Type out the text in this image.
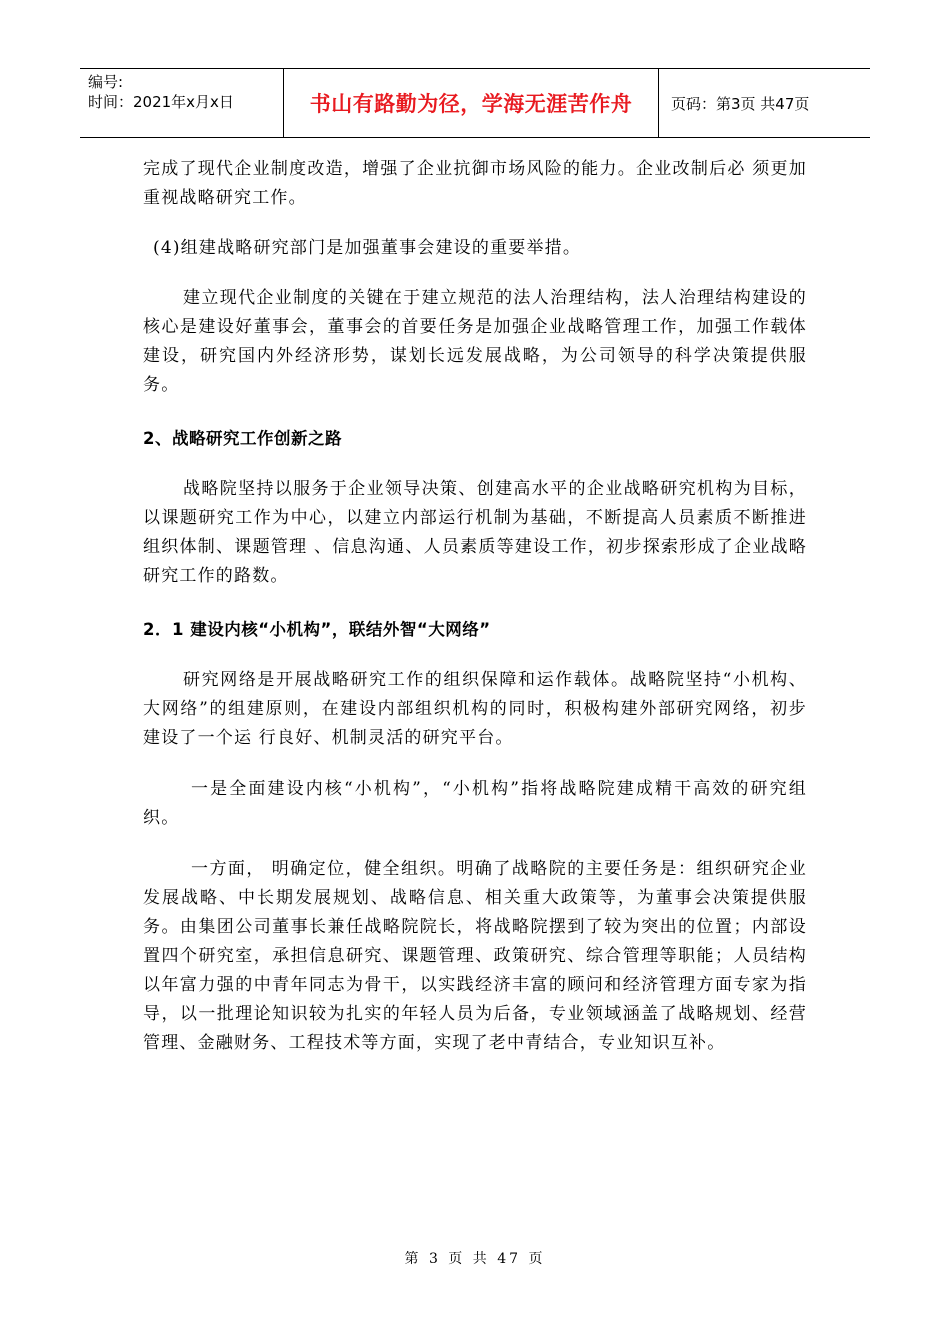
编号:
时间：2021年x月x日	书山有路勤为径，学海无涯苦作舟	页码：第3页 共47页

完成了现代企业制度改造，增强了企业抗御市场风险的能力。企业改制后必 须更加重视战略研究工作。

(4)组建战略研究部门是加强董事会建设的重要举措。

建立现代企业制度的关键在于建立规范的法人治理结构，法人治理结构建设的核心是建设好董事会，董事会的首要任务是加强企业战略管理工作，加强工作载体建设，研究国内外经济形势，谋划长远发展战略，为公司领导的科学决策提供服务。

2、战略研究工作创新之路

战略院坚持以服务于企业领导决策、创建高水平的企业战略研究机构为目标，以课题研究工作为中心，以建立内部运行机制为基础，不断提高人员素质不断推进组织体制、课题管理 、信息沟通、人员素质等建设工作，初步探索形成了企业战略研究工作的路数。

2．1 建设内核“小机构”，联结外智“大网络”

研究网络是开展战略研究工作的组织保障和运作载体。战略院坚持“小机构、大网络”的组建原则，在建设内部组织机构的同时，积极构建外部研究网络，初步建设了一个运 行良好、机制灵活的研究平台。

一是全面建设内核“小机构”，“小机构”指将战略院建成精干高效的研究组织。

一方面， 明确定位，健全组织。明确了战略院的主要任务是：组织研究企业发展战略、中长期发展规划、战略信息、相关重大政策等，为董事会决策提供服务。由集团公司董事长兼任战略院院长，将战略院摆到了较为突出的位置；内部设置四个研究室，承担信息研究、课题管理、政策研究、综合管理等职能；人员结构以年富力强的中青年同志为骨干，以实践经济丰富的顾问和经济管理方面专家为指导，以一批理论知识较为扎实的年轻人员为后备，专业领域涵盖了战略规划、经营管理、金融财务、工程技术等方面，实现了老中青结合，专业知识互补。

第 3 页 共 47 页
